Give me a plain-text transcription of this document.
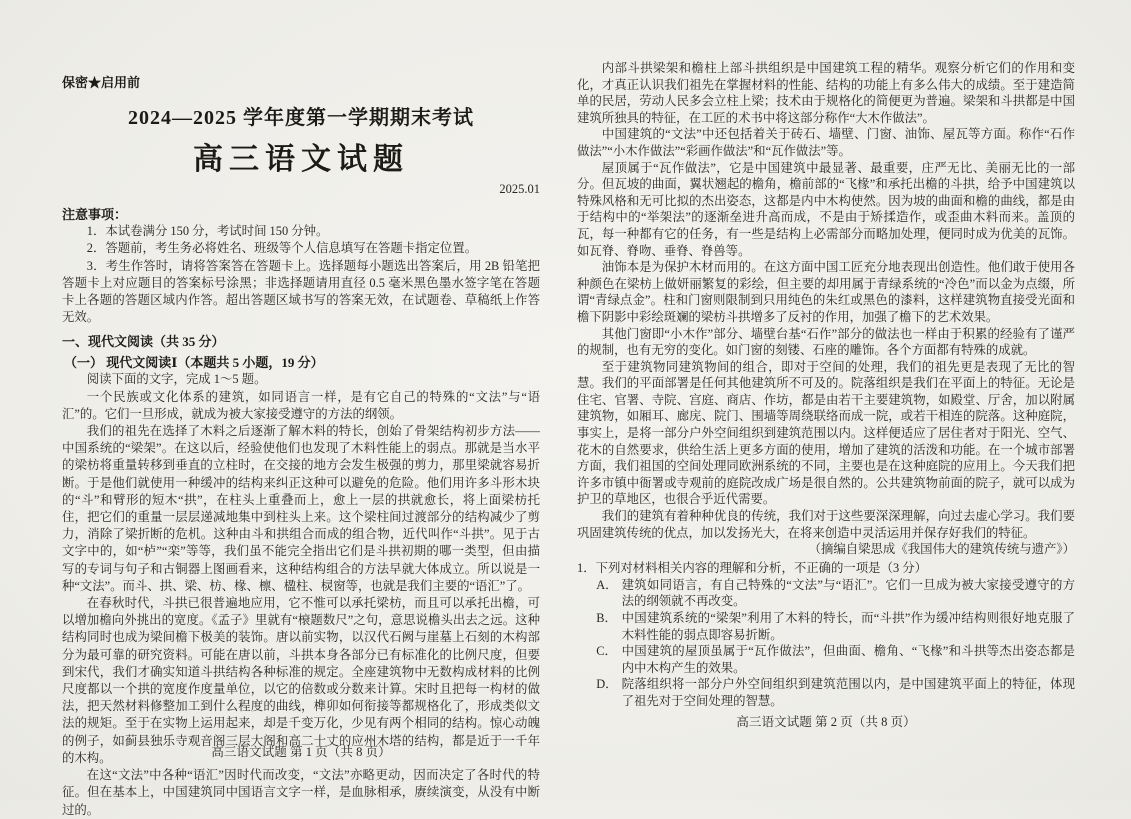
保密★启用前

2024—2025 学年度第一学期期末考试

高三语文试题

2025.01

注意事项：

1．本试卷满分 150 分，考试时间 150 分钟。

2．答题前，考生务必将姓名、班级等个人信息填写在答题卡指定位置。

3．考生作答时，请将答案答在答题卡上。选择题每小题选出答案后，用 2B 铅笔把答题卡上对应题目的答案标号涂黑；非选择题请用直径 0.5 毫米黑色墨水签字笔在答题卡上各题的答题区域内作答。超出答题区域书写的答案无效，在试题卷、草稿纸上作答无效。

一、现代文阅读（共 35 分）

（一） 现代文阅读Ⅰ（本题共 5 小题，19 分）

阅读下面的文字，完成 1～5 题。

一个民族或文化体系的建筑，如同语言一样，是有它自己的特殊的“文法”与“语汇”的。它们一旦形成，就成为被大家接受遵守的方法的纲领。

我们的祖先在选择了木料之后逐渐了解木料的特长，创始了骨架结构初步方法——中国系统的“梁架”。在这以后，经验使他们也发现了木料性能上的弱点。那就是当水平的梁枋将重量转移到垂直的立柱时，在交接的地方会发生极强的剪力，那里梁就容易折断。于是他们就使用一种缓冲的结构来纠正这种可以避免的危险。他们用许多斗形木块的“斗”和臂形的短木“拱”，在柱头上重叠而上，愈上一层的拱就愈长，将上面梁枋托住，把它们的重量一层层递减地集中到柱头上来。这个梁柱间过渡部分的结构减少了剪力，消除了梁折断的危机。这种由斗和拱组合而成的组合物，近代叫作“斗拱”。见于古文字中的，如“栌”“栾”等等，我们虽不能完全指出它们是斗拱初期的哪一类型，但由描写的专词与句子和古铜器上图画看来，这种结构组合的方法早就大体成立。所以说是一种“文法”。而斗、拱、梁、枋、椽、檩、楹柱、棂窗等，也就是我们主要的“语汇”了。

在春秋时代，斗拱已很普遍地应用，它不惟可以承托梁枋，而且可以承托出檐，可以增加檐向外挑出的宽度。《孟子》里就有“榱题数尺”之句，意思说檐头出去之远。这种结构同时也成为梁间檐下极美的装饰。唐以前实物，以汉代石阙与崖墓上石刻的木构部分为最可靠的研究资料。可能在唐以前，斗拱本身各部分已有标准化的比例尺度，但要到宋代，我们才确实知道斗拱结构各种标准的规定。全座建筑物中无数构成材料的比例尺度都以一个拱的宽度作度量单位，以它的倍数或分数来计算。宋时且把每一构材的做法，把天然材料修整加工到什么程度的曲线，榫卯如何衔接等都规格化了，形成类似文法的规矩。至于在实物上运用起来，却是千变万化，少见有两个相同的结构。惊心动魄的例子，如蓟县独乐寺观音阁三层大阁和高二十丈的应州木塔的结构，都是近于一千年的木构。

在这“文法”中各种“语汇”因时代而改变，“文法”亦略更动，因而决定了各时代的特征。但在基本上，中国建筑同中国语言文字一样，是血脉相承，赓续演变，从没有中断过的。

高三语文试题 第 1 页（共 8 页）

内部斗拱梁架和檐柱上部斗拱组织是中国建筑工程的精华。观察分析它们的作用和变化，才真正认识我们祖先在掌握材料的性能、结构的功能上有多么伟大的成绩。至于建造简单的民居，劳动人民多会立柱上梁；技术由于规格化的简便更为普遍。梁架和斗拱都是中国建筑所独具的特征，在工匠的术书中将这部分称作“大木作做法”。

中国建筑的“文法”中还包括着关于砖石、墙壁、门窗、油饰、屋瓦等方面。称作“石作做法”“小木作做法”“彩画作做法”和“瓦作做法”等。

屋顶属于“瓦作做法”，它是中国建筑中最显著、最重要，庄严无比、美丽无比的一部分。但瓦坡的曲面，翼状翘起的檐角，檐前部的“飞椽”和承托出檐的斗拱，给予中国建筑以特殊风格和无可比拟的杰出姿态，这都是内中木构使然。因为坡的曲面和檐的曲线，都是由于结构中的“举架法”的逐渐垒进升高而成，不是由于矫揉造作，或歪曲木料而来。盖顶的瓦，每一种都有它的任务，有一些是结构上必需部分而略加处理，便同时成为优美的瓦饰。如瓦脊、脊吻、垂脊、脊兽等。

油饰本是为保护木材而用的。在这方面中国工匠充分地表现出创造性。他们敢于使用各种颜色在梁枋上做妍丽繁复的彩绘，但主要的却用属于青绿系统的“冷色”而以金为点缀，所谓“青绿点金”。柱和门窗则限制到只用纯色的朱红或黑色的漆料，这样建筑物直接受光面和檐下阴影中彩绘斑斓的梁枋斗拱增多了反衬的作用，加强了檐下的艺术效果。

其他门窗即“小木作”部分、墙壁台基“石作”部分的做法也一样由于积累的经验有了谨严的规制，也有无穷的变化。如门窗的刻镂、石座的雕饰。各个方面都有特殊的成就。

至于建筑物同建筑物间的组合，即对于空间的处理，我们的祖先更是表现了无比的智慧。我们的平面部署是任何其他建筑所不可及的。院落组织是我们在平面上的特征。无论是住宅、官署、寺院、宫庭、商店、作坊，都是由若干主要建筑物，如殿堂、厅舍，加以附属建筑物，如厢耳、廊庑、院门、围墙等周绕联络而成一院，或若干相连的院落。这种庭院，事实上，是将一部分户外空间组织到建筑范围以内。这样便适应了居住者对于阳光、空气、花木的自然要求，供给生活上更多方面的使用，增加了建筑的活泼和功能。在一个城市部署方面，我们祖国的空间处理同欧洲系统的不同，主要也是在这种庭院的应用上。今天我们把许多市镇中衙署或寺观前的庭院改成广场是很自然的。公共建筑物前面的院子，就可以成为护卫的草地区，也很合乎近代需要。

我们的建筑有着种种优良的传统，我们对于这些要深深理解，向过去虚心学习。我们要巩固建筑传统的优点，加以发扬光大，在将来创造中灵活运用并保存好我们的特征。

（摘编自梁思成《我国伟大的建筑传统与遗产》）

1．下列对材料相关内容的理解和分析，不正确的一项是（3 分）

A． 建筑如同语言，有自己特殊的“文法”与“语汇”。它们一旦成为被大家接受遵守的方法的纲领就不再改变。
B． 中国建筑系统的“梁架”利用了木料的特长，而“斗拱”作为缓冲结构则很好地克服了木料性能的弱点即容易折断。
C． 中国建筑的屋顶虽属于“瓦作做法”，但曲面、檐角、“飞椽”和斗拱等杰出姿态都是内中木构产生的效果。
D． 院落组织将一部分户外空间组织到建筑范围以内，是中国建筑平面上的特征，体现了祖先对于空间处理的智慧。

高三语文试题 第 2 页（共 8 页）
